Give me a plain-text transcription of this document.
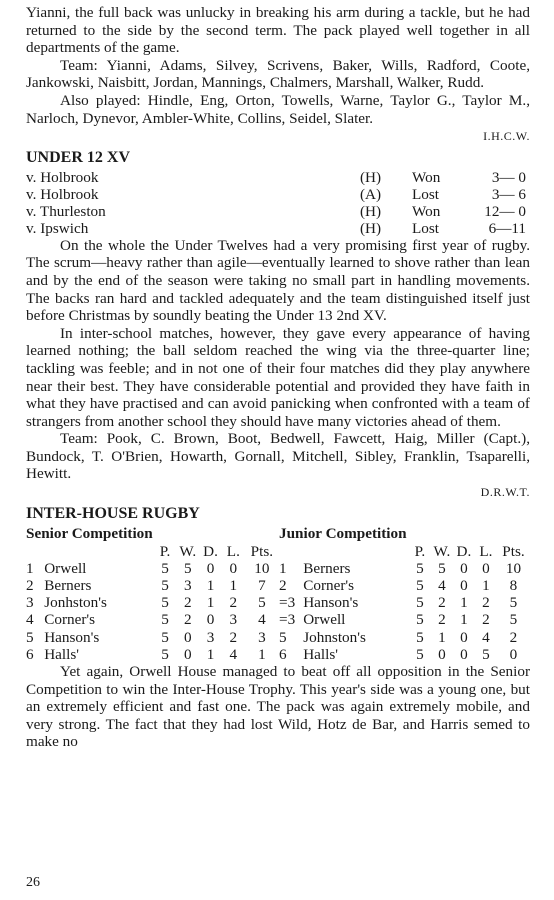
Yianni, the full back was unlucky in breaking his arm during a tackle, but he had returned to the side by the second term. The pack played well together in all departments of the game.

Team: Yianni, Adams, Silvey, Scrivens, Baker, Wills, Radford, Coote, Jankowski, Naisbitt, Jordan, Mannings, Chalmers, Marshall, Walker, Rudd.

Also played: Hindle, Eng, Orton, Towells, Warne, Taylor G., Taylor M., Narloch, Dynevor, Ambler-White, Collins, Seidel, Slater.

I.H.C.W.
UNDER 12 XV
v. Holbrook	(H)	Won	3— 0
v. Holbrook	(A)	Lost	3— 6
v. Thurleston	(H)	Won	12— 0
v. Ipswich	(H)	Lost	6—11

On the whole the Under Twelves had a very promising first year of rugby. The scrum—heavy rather than agile—eventually learned to shove rather than lean and by the end of the season were taking no small part in handling movements. The backs ran hard and tackled adequately and the team distinguished itself just before Christmas by soundly beating the Under 13 2nd XV.

In inter-school matches, however, they gave every appearance of having learned nothing; the ball seldom reached the wing via the three-quarter line; tackling was feeble; and in not one of their four matches did they play anywhere near their best. They have considerable potential and provided they have faith in what they have practised and can avoid panicking when confronted with a team of strangers from another school they should have many victories ahead of them.

Team: Pook, C. Brown, Boot, Bedwell, Fawcett, Haig, Miller (Capt.), Bundock, T. O'Brien, Howarth, Gornall, Mitchell, Sibley, Franklin, Tsaparelli, Hewitt.

D.R.W.T.
INTER-HOUSE RUGBY
Senior Competition	Junior Competition
		P.	W.	D.	L.	Pts.
1	Orwell	5	5	0	0	10
2	Berners	5	3	1	1	7
3	Jonhston's	5	2	1	2	5
4	Corner's	5	2	0	3	4
5	Hanson's	5	0	3	2	3
6	Halls'	5	0	1	4	1
		P.	W.	D.	L.	Pts.
1	Berners	5	5	0	0	10
2	Corner's	5	4	0	1	8
=3	Hanson's	5	2	1	2	5
=3	Orwell	5	2	1	2	5
5	Johnston's	5	1	0	4	2
6	Halls'	5	0	0	5	0

Yet again, Orwell House managed to beat off all opposition in the Senior Competition to win the Inter-House Trophy. This year's side was a young one, but an extremely efficient and fast one. The pack was again extremely mobile, and very strong. The fact that they had lost Wild, Hotz de Bar, and Harris semed to make no

26
